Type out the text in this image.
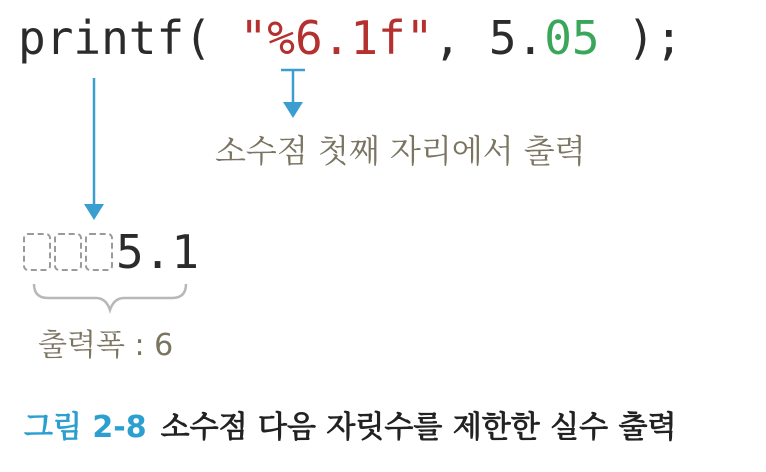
printf( "%6.1f", 5.05 );
소수점 첫째 자리에서 출력
5.1
출력폭 : 6
그림 2-8 소수점 다음 자릿수를 제한한 실수 출력
